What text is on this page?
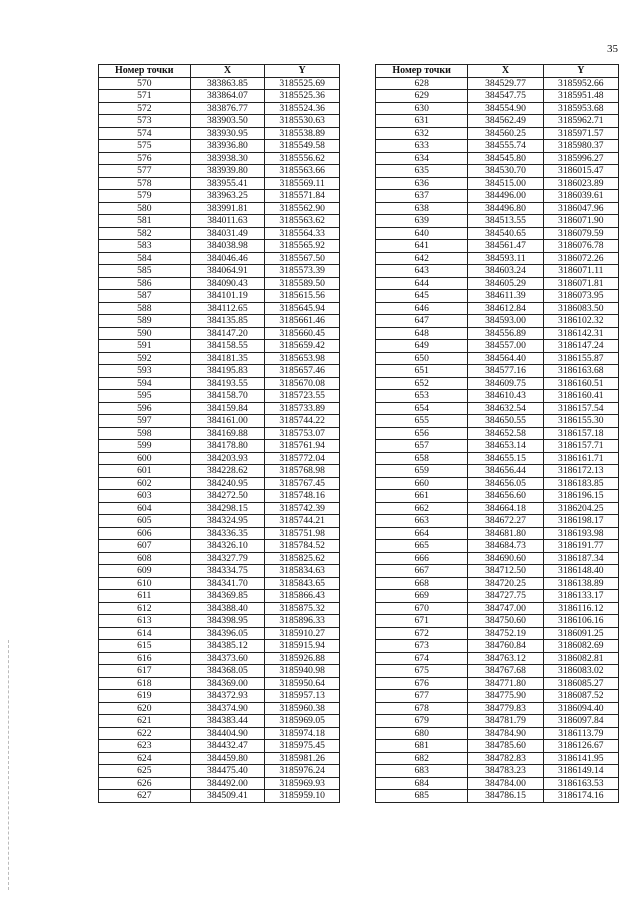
35
Номер точки	X	Y
570	383863.85	3185525.69
571	383864.07	3185525.36
572	383876.77	3185524.36
573	383903.50	3185530.63
574	383930.95	3185538.89
575	383936.80	3185549.58
576	383938.30	3185556.62
577	383939.80	3185563.66
578	383955.41	3185569.11
579	383963.25	3185571.84
580	383991.81	3185562.90
581	384011.63	3185563.62
582	384031.49	3185564.33
583	384038.98	3185565.92
584	384046.46	3185567.50
585	384064.91	3185573.39
586	384090.43	3185589.50
587	384101.19	3185615.56
588	384112.65	3185645.94
589	384135.85	3185661.46
590	384147.20	3185660.45
591	384158.55	3185659.42
592	384181.35	3185653.98
593	384195.83	3185657.46
594	384193.55	3185670.08
595	384158.70	3185723.55
596	384159.84	3185733.89
597	384161.00	3185744.22
598	384169.88	3185753.07
599	384178.80	3185761.94
600	384203.93	3185772.04
601	384228.62	3185768.98
602	384240.95	3185767.45
603	384272.50	3185748.16
604	384298.15	3185742.39
605	384324.95	3185744.21
606	384336.35	3185751.98
607	384326.10	3185784.52
608	384327.79	3185825.62
609	384334.75	3185834.63
610	384341.70	3185843.65
611	384369.85	3185866.43
612	384388.40	3185875.32
613	384398.95	3185896.33
614	384396.05	3185910.27
615	384385.12	3185915.94
616	384373.60	3185926.88
617	384368.05	3185940.98
618	384369.00	3185950.64
619	384372.93	3185957.13
620	384374.90	3185960.38
621	384383.44	3185969.05
622	384404.90	3185974.18
623	384432.47	3185975.45
624	384459.80	3185981.26
625	384475.40	3185976.24
626	384492.00	3185969.93
627	384509.41	3185959.10
Номер точки	X	Y
628	384529.77	3185952.66
629	384547.75	3185951.48
630	384554.90	3185953.68
631	384562.49	3185962.71
632	384560.25	3185971.57
633	384555.74	3185980.37
634	384545.80	3185996.27
635	384530.70	3186015.47
636	384515.00	3186023.89
637	384496.00	3186039.61
638	384496.80	3186047.96
639	384513.55	3186071.90
640	384540.65	3186079.59
641	384561.47	3186076.78
642	384593.11	3186072.26
643	384603.24	3186071.11
644	384605.29	3186071.81
645	384611.39	3186073.95
646	384612.84	3186083.50
647	384593.00	3186102.32
648	384556.89	3186142.31
649	384557.00	3186147.24
650	384564.40	3186155.87
651	384577.16	3186163.68
652	384609.75	3186160.51
653	384610.43	3186160.41
654	384632.54	3186157.54
655	384650.55	3186155.30
656	384652.58	3186157.18
657	384653.14	3186157.71
658	384655.15	3186161.71
659	384656.44	3186172.13
660	384656.05	3186183.85
661	384656.60	3186196.15
662	384664.18	3186204.25
663	384672.27	3186198.17
664	384681.80	3186193.98
665	384684.73	3186191.77
666	384690.60	3186187.34
667	384712.50	3186148.40
668	384720.25	3186138.89
669	384727.75	3186133.17
670	384747.00	3186116.12
671	384750.60	3186106.16
672	384752.19	3186091.25
673	384760.84	3186082.69
674	384763.12	3186082.81
675	384767.68	3186083.02
676	384771.80	3186085.27
677	384775.90	3186087.52
678	384779.83	3186094.40
679	384781.79	3186097.84
680	384784.90	3186113.79
681	384785.60	3186126.67
682	384782.83	3186141.95
683	384783.23	3186149.14
684	384784.00	3186163.53
685	384786.15	3186174.16
